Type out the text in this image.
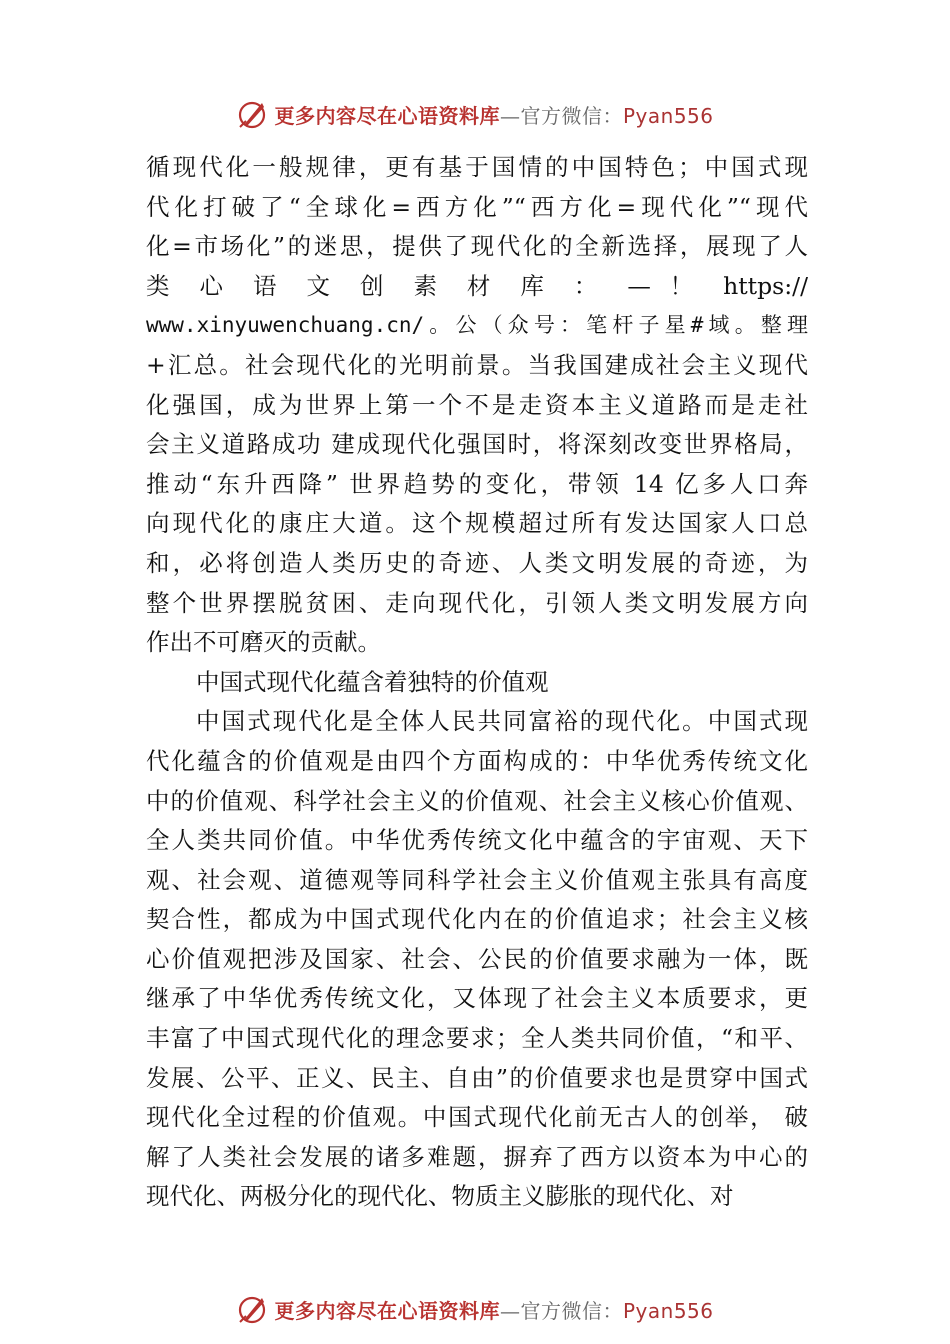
更多内容尽在心语资料库 — 官方微信： Pyan556

循现代化一般规律，更有基于国情的中国特色；中国式现
代化打破了“全球化=西方化”“西方化=现代化”“现代
化=市场化”的迷思，提供了现代化的全新选择，展现了人
类 心 语 文 创 素 材 库 ： — ！ https://
www.xinyuwenchuang.cn/。公（众号：笔杆子星#域。整理
+汇总。社会现代化的光明前景。当我国建成社会主义现代
化强国，成为世界上第一个不是走资本主义道路而是走社
会主义道路成功 建成现代化强国时，将深刻改变世界格局，
推动“东升西降” 世界趋势的变化，带领 14 亿多人口奔
向现代化的康庄大道。这个规模超过所有发达国家人口总
和，必将创造人类历史的奇迹、人类文明发展的奇迹，为
整个世界摆脱贫困、走向现代化，引领人类文明发展方向
作出不可磨灭的贡献。

中国式现代化蕴含着独特的价值观

中国式现代化是全体人民共同富裕的现代化。中国式现
代化蕴含的价值观是由四个方面构成的：中华优秀传统文化
中的价值观、科学社会主义的价值观、社会主义核心价值观、
全人类共同价值。中华优秀传统文化中蕴含的宇宙观、天下
观、社会观、道德观等同科学社会主义价值观主张具有高度
契合性，都成为中国式现代化内在的价值追求；社会主义核
心价值观把涉及国家、社会、公民的价值要求融为一体，既
继承了中华优秀传统文化，又体现了社会主义本质要求，更
丰富了中国式现代化的理念要求；全人类共同价值，“和平、
发展、公平、正义、民主、自由”的价值要求也是贯穿中国式
现代化全过程的价值观。中国式现代化前无古人的创举， 破
解了人类社会发展的诸多难题，摒弃了西方以资本为中心的
现代化、两极分化的现代化、物质主义膨胀的现代化、对

更多内容尽在心语资料库 — 官方微信： Pyan556
